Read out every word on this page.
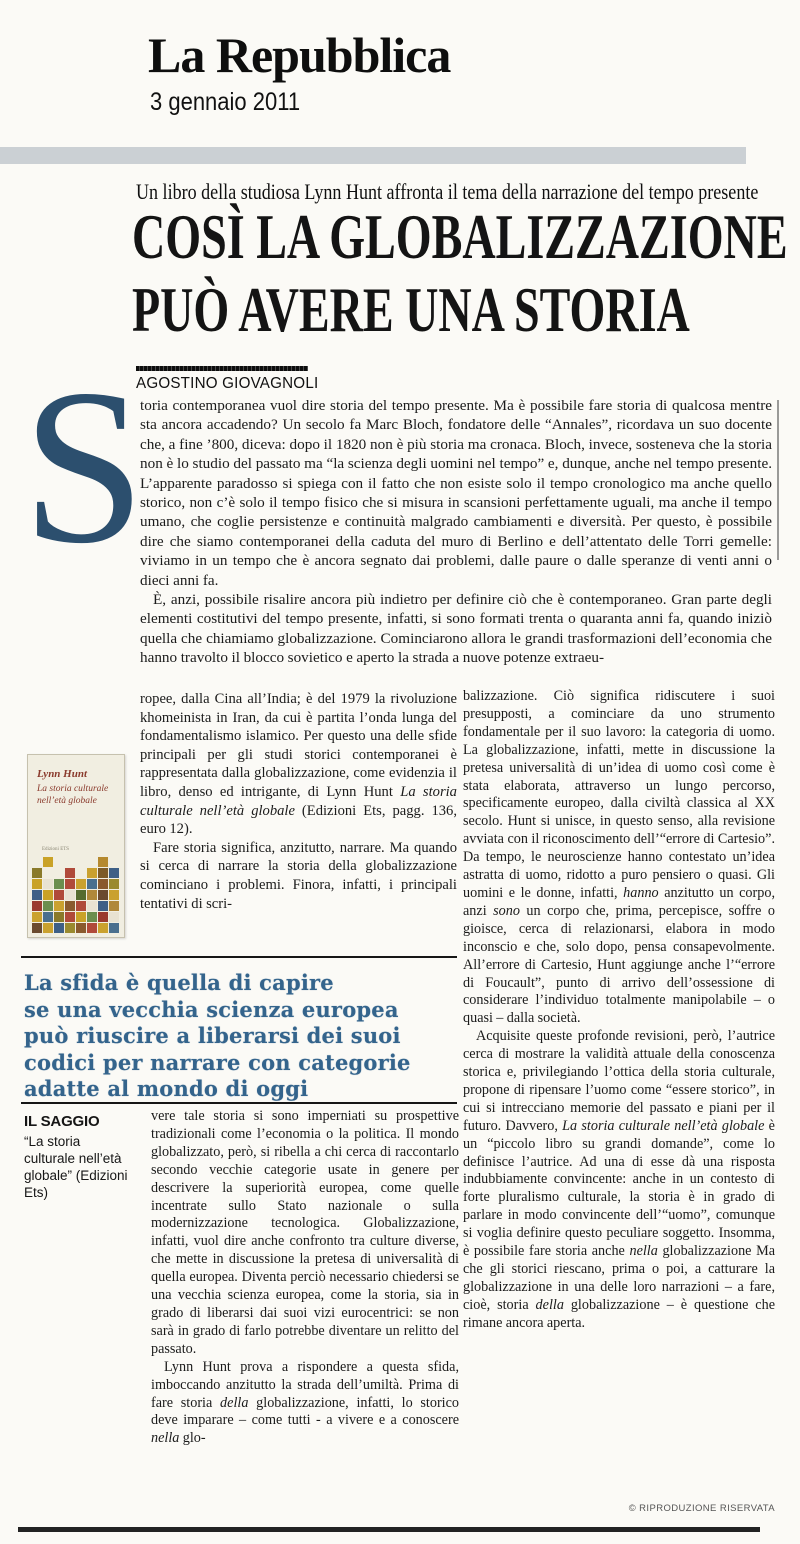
La Repubblica
3 gennaio 2011
Un libro della studiosa Lynn Hunt affronta il tema della narrazione del tempo presente
COSÌ LA GLOBALIZZAZIONE
PUÒ AVERE UNA STORIA
AGOSTINO GIOVAGNOLI
S

toria contemporanea vuol dire storia del tempo presente. Ma è possibile fare storia di qualcosa mentre sta ancora accadendo? Un secolo fa Marc Bloch, fondatore delle “Annales”, ricordava un suo docente che, a fine ’800, diceva: dopo il 1820 non è più storia ma cronaca. Bloch, invece, sosteneva che la storia non è lo studio del passato ma “la scienza degli uomini nel tempo” e, dunque, anche nel tempo presente. L’apparente paradosso si spiega con il fatto che non esiste solo il tempo cronologico ma anche quello storico, non c’è solo il tempo fisico che si misura in scansioni perfettamente uguali, ma anche il tempo umano, che coglie persistenze e continuità malgrado cambiamenti e diversità. Per questo, è possibile dire che siamo contemporanei della caduta del muro di Berlino e dell’attentato delle Torri gemelle: viviamo in un tempo che è ancora segnato dai problemi, dalle paure o dalle speranze di venti anni o dieci anni fa.

È, anzi, possibile risalire ancora più indietro per definire ciò che è contemporaneo. Gran parte degli elementi costitutivi del tempo presente, infatti, si sono formati trenta o quaranta anni fa, quando iniziò quella che chiamiamo globalizzazione. Cominciarono allora le grandi trasformazioni dell’economia che hanno travolto il blocco sovietico e aperto la strada a nuove potenze extraeu-

ropee, dalla Cina all’India; è del 1979 la rivoluzione khomeinista in Iran, da cui è partita l’onda lunga del fondamentalismo islamico. Per questo una delle sfide principali per gli studi storici contemporanei è rappresentata dalla globalizzazione, come evidenzia il libro, denso ed intrigante, di Lynn Hunt La storia culturale nell’età globale (Edizioni Ets, pagg. 136, euro 12).

Fare storia significa, anzitutto, narrare. Ma quando si cerca di narrare la storia della globalizzazione cominciano i problemi. Finora, infatti, i principali tentativi di scri-

Lynn Hunt
La storia culturale nell’età globale
Edizioni ETS
La sfida è quella di capire
se una vecchia scienza europea
può riuscire a liberarsi dei suoi
codici per narrare con categorie
adatte al mondo di oggi
IL SAGGIO
“La storia culturale nell’età globale” (Edizioni Ets)

vere tale storia si sono imperniati su prospettive tradizionali come l’economia o la politica. Il mondo globalizzato, però, si ribella a chi cerca di raccontarlo secondo vecchie categorie usate in genere per descrivere la superiorità europea, come quelle incentrate sullo Stato nazionale o sulla modernizzazione tecnologica. Globalizzazione, infatti, vuol dire anche confronto tra culture diverse, che mette in discussione la pretesa di universalità di quella europea. Diventa perciò necessario chiedersi se una vecchia scienza europea, come la storia, sia in grado di liberarsi dai suoi vizi eurocentrici: se non sarà in grado di farlo potrebbe diventare un relitto del passato.

Lynn Hunt prova a rispondere a questa sfida, imboccando anzitutto la strada dell’umiltà. Prima di fare storia della globalizzazione, infatti, lo storico deve imparare – come tutti - a vivere e a conoscere nella glo-

balizzazione. Ciò significa ridiscutere i suoi presupposti, a cominciare da uno strumento fondamentale per il suo lavoro: la categoria di uomo. La globalizzazione, infatti, mette in discussione la pretesa universalità di un’idea di uomo così come è stata elaborata, attraverso un lungo percorso, specificamente europeo, dalla civiltà classica al XX secolo. Hunt si unisce, in questo senso, alla revisione avviata con il riconoscimento dell’“errore di Cartesio”. Da tempo, le neuroscienze hanno contestato un’idea astratta di uomo, ridotto a puro pensiero o quasi. Gli uomini e le donne, infatti, hanno anzitutto un corpo, anzi sono un corpo che, prima, percepisce, soffre o gioisce, cerca di relazionarsi, elabora in modo inconscio e che, solo dopo, pensa consapevolmente. All’errore di Cartesio, Hunt aggiunge anche l’“errore di Foucault”, punto di arrivo dell’ossessione di considerare l’individuo totalmente manipolabile – o quasi – dalla società.

Acquisite queste profonde revisioni, però, l’autrice cerca di mostrare la validità attuale della conoscenza storica e, privilegiando l’ottica della storia culturale, propone di ripensare l’uomo come “essere storico”, in cui si intrecciano memorie del passato e piani per il futuro. Davvero, La storia culturale nell’età globale è un “piccolo libro su grandi domande”, come lo definisce l’autrice. Ad una di esse dà una risposta indubbiamente convincente: anche in un contesto di forte pluralismo culturale, la storia è in grado di parlare in modo convincente dell’“uomo”, comunque si voglia definire questo peculiare soggetto. Insomma, è possibile fare storia anche nella globalizzazione Ma che gli storici riescano, prima o poi, a catturare la globalizzazione in una delle loro narrazioni – a fare, cioè, storia della globalizzazione – è questione che rimane ancora aperta.

© RIPRODUZIONE RISERVATA
